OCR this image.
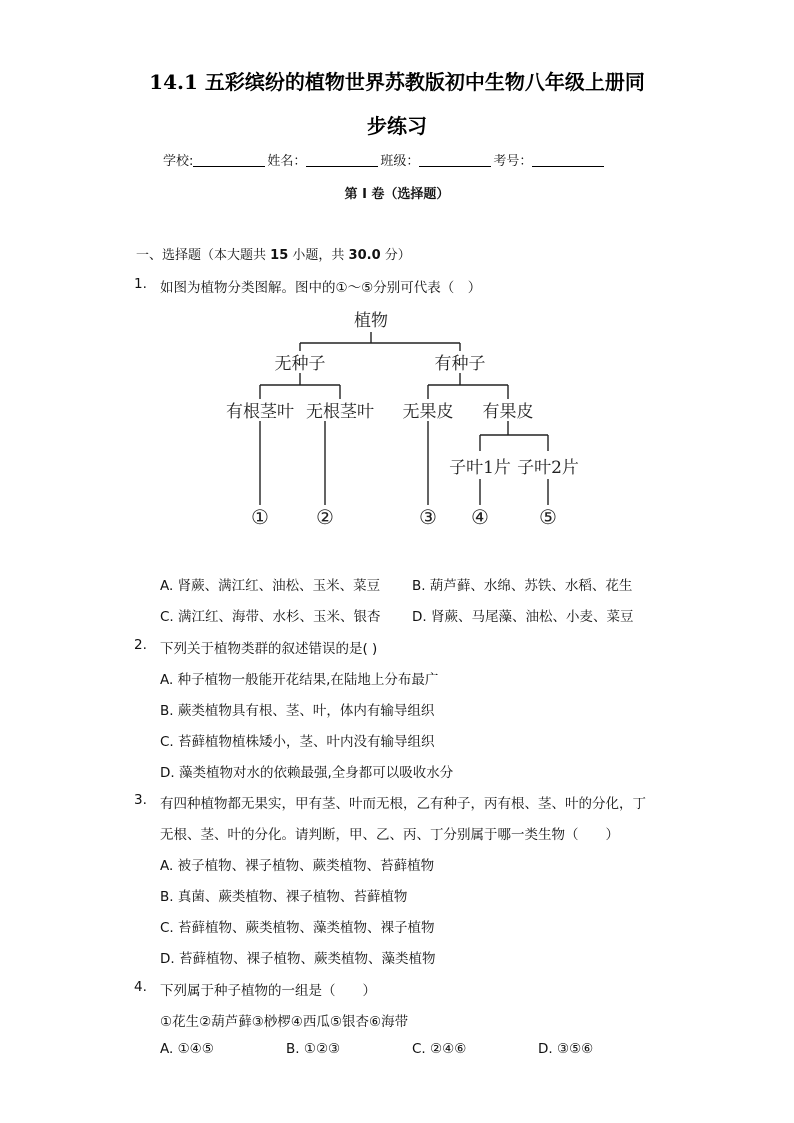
14.1 五彩缤纷的植物世界苏教版初中生物八年级上册同
步练习
学校:	姓名：	班级：	考号：
第 I 卷（选择题）
一、选择题（本大题共 15 小题，共 30.0 分）
1. 如图为植物分类图解。图中的①～⑤分别可代表（　）
植物
无种子	有种子
有根茎叶 无根茎叶 无果皮 有果皮
子叶1片 子叶2片
① ②	③ ④	⑤
A. 肾蕨、满江红、油松、玉米、菜豆 B. 葫芦藓、水绵、苏铁、水稻、花生
C. 满江红、海带、水杉、玉米、银杏 D. 肾蕨、马尾藻、油松、小麦、菜豆
2. 下列关于植物类群的叙述错误的是( )
A. 种子植物一般能开花结果,在陆地上分布最广
B. 蕨类植物具有根、茎、叶，体内有输导组织
C. 苔藓植物植株矮小，茎、叶内没有输导组织
D. 藻类植物对水的依赖最强,全身都可以吸收水分
3. 有四种植物都无果实，甲有茎、叶而无根，乙有种子，丙有根、茎、叶的分化，丁
无根、茎、叶的分化。请判断，甲、乙、丙、丁分别属于哪一类生物（　　）
A. 被子植物、裸子植物、蕨类植物、苔藓植物
B. 真菌、蕨类植物、裸子植物、苔藓植物
C. 苔藓植物、蕨类植物、藻类植物、裸子植物
D. 苔藓植物、裸子植物、蕨类植物、藻类植物
4. 下列属于种子植物的一组是（　　）
①花生②葫芦藓③桫椤④西瓜⑤银杏⑥海带
A. ①④⑤	B. ①②③	C. ②④⑥	D. ③⑤⑥
